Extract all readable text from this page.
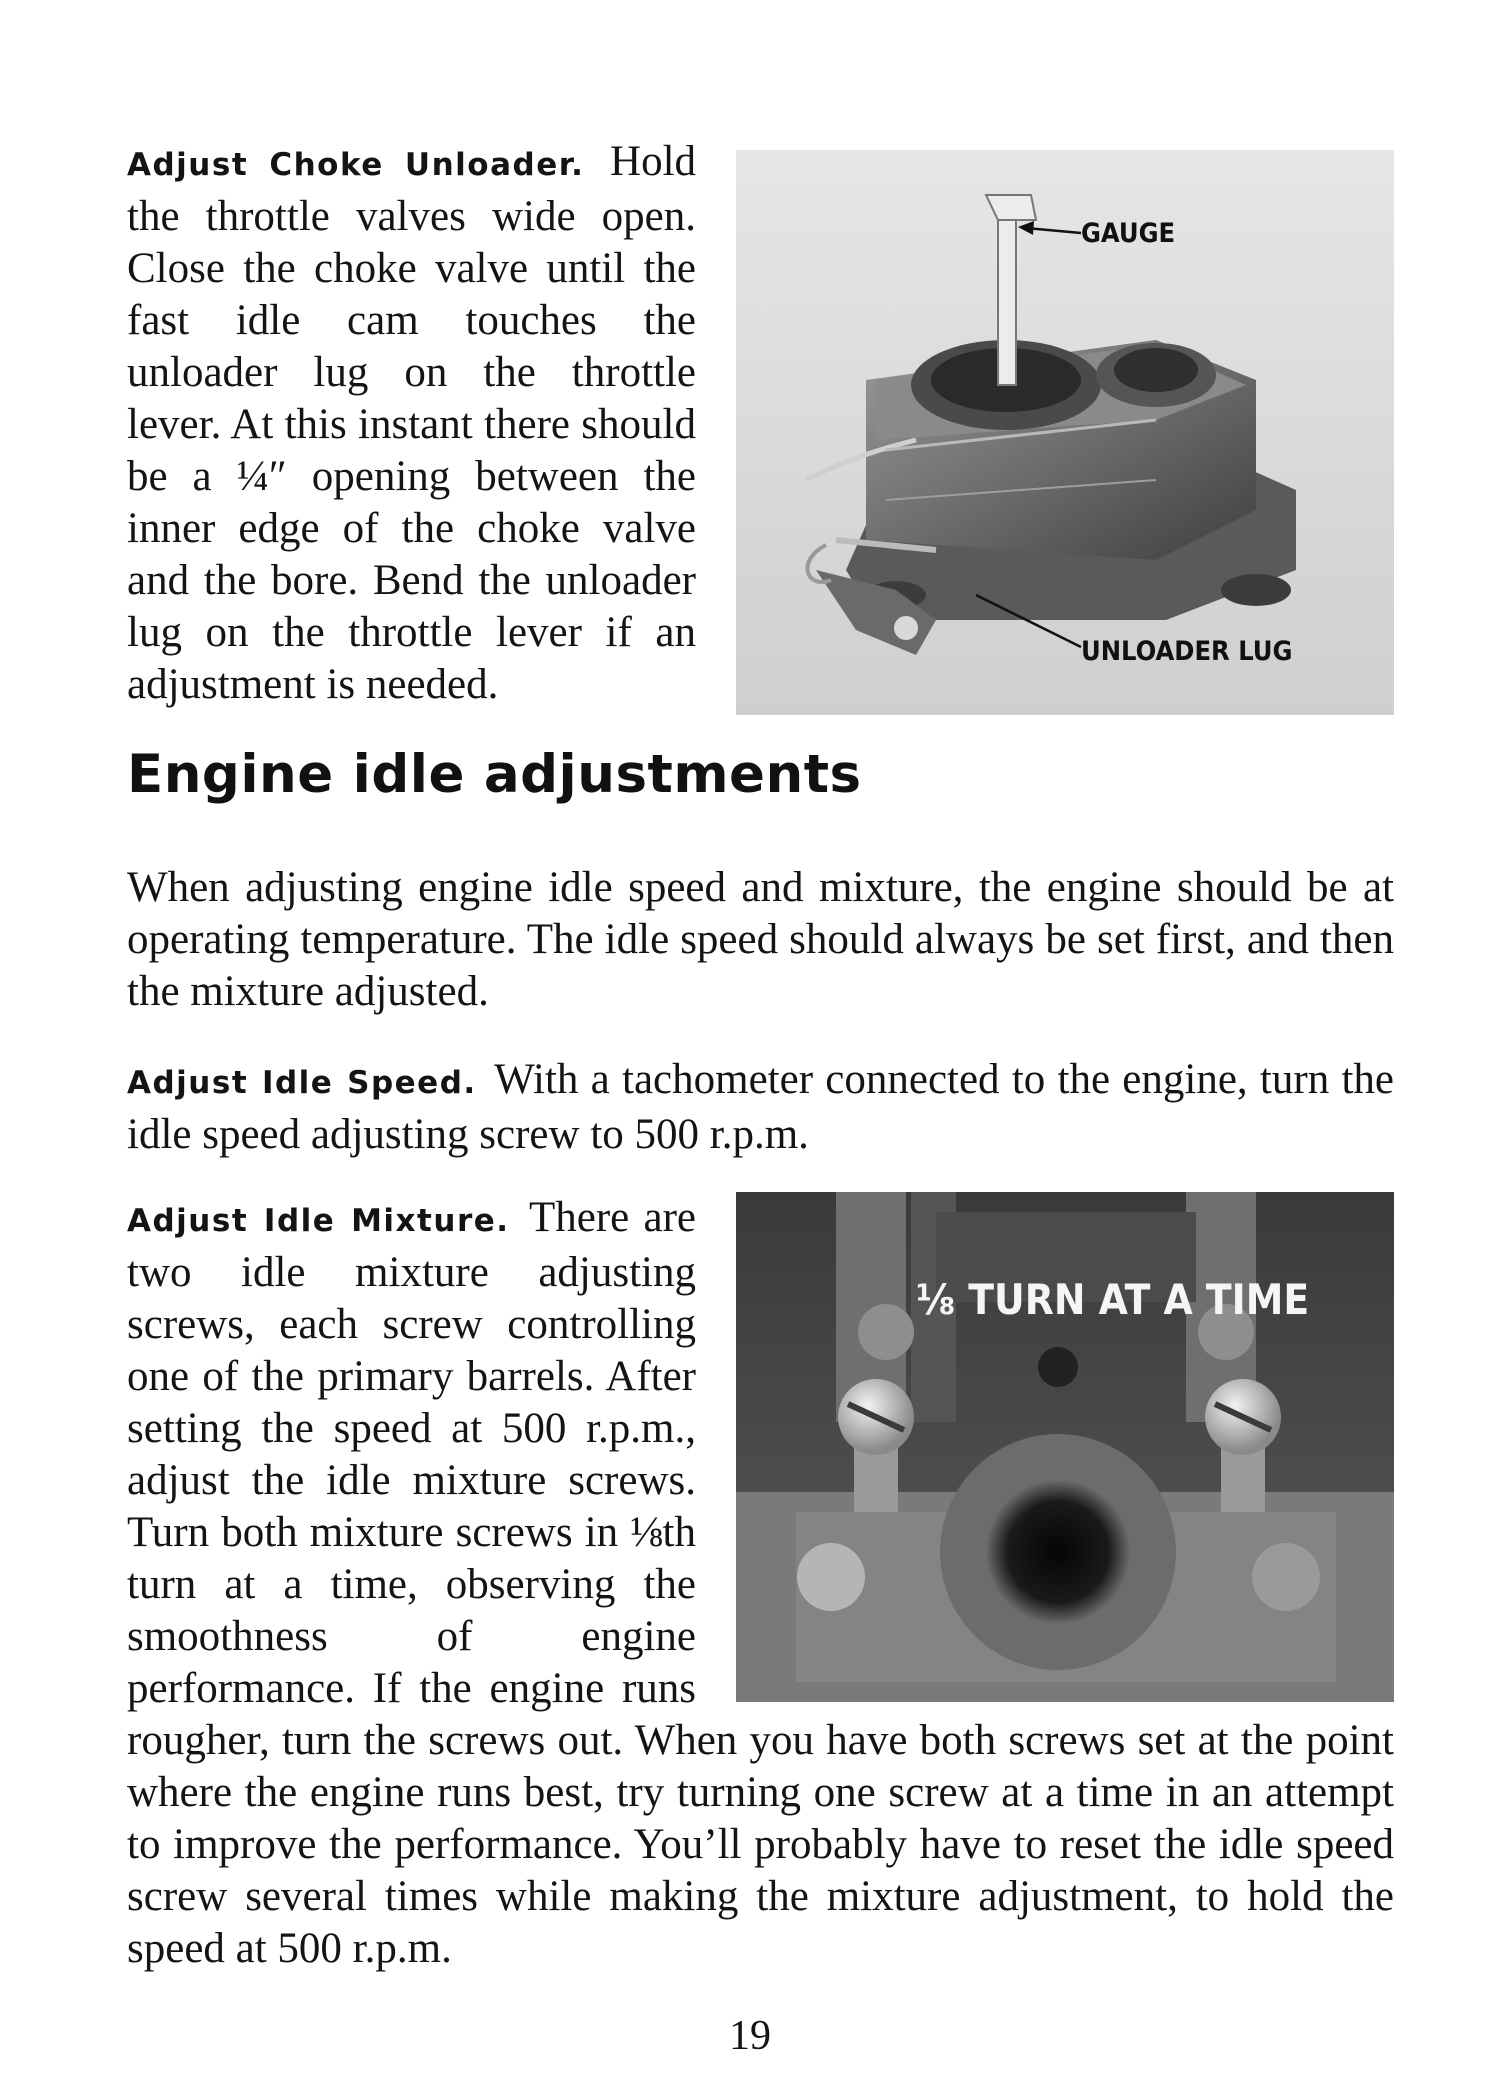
GAUGE
UNLOADER LUG
Adjust Choke Unloader. Hold the throttle valves wide open. Close the choke valve until the fast idle cam touches the unloader lug on the throttle lever. At this instant there should be a ¼″ opening between the inner edge of the choke valve and the bore. Bend the unloader lug on the throttle lever if an adjustment is needed.

Engine idle adjustments

When adjusting engine idle speed and mixture, the engine should be at operating temperature. The idle speed should always be set first, and then the mixture adjusted.

Adjust Idle Speed. With a tachometer connected to the engine, turn the idle speed adjusting screw to 500 r.p.m.

⅛ TURN AT A TIME
Adjust Idle Mixture. There are two idle mixture adjusting screws, each screw controlling one of the primary barrels. After setting the speed at 500 r.p.m., adjust the idle mixture screws. Turn both mixture screws in ⅛th turn at a time, observing the smoothness of engine performance. If the engine runs rougher, turn the screws out. When you have both screws set at the point where the engine runs best, try turning one screw at a time in an attempt to improve the performance. You’ll probably have to reset the idle speed screw several times while making the mixture adjustment, to hold the speed at 500 r.p.m.

19
